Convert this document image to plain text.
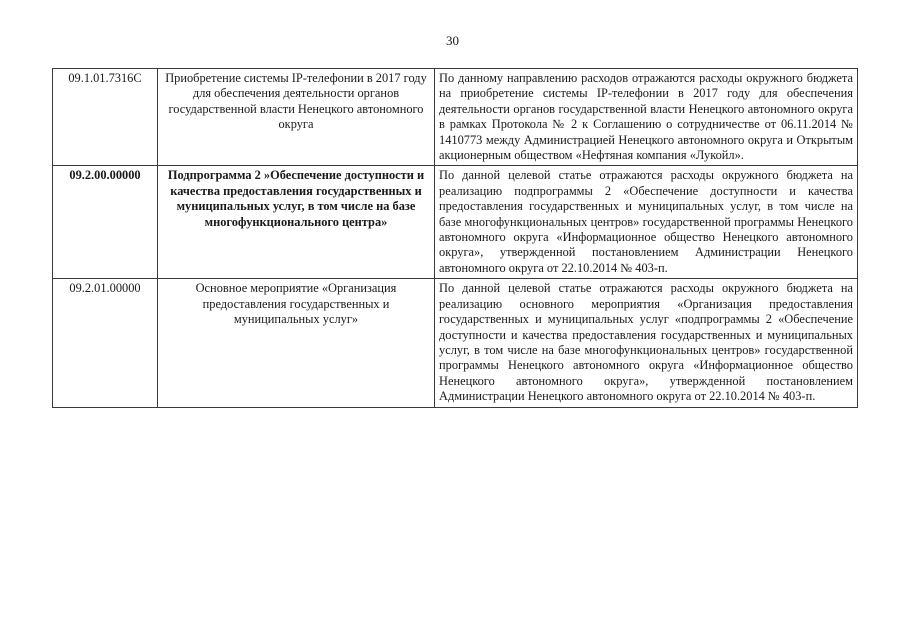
30
09.1.01.7316С	Приобретение системы IP-телефонии в 2017 году для обеспечения деятельности органов государственной власти Ненецкого автономного округа	По данному направлению расходов отражаются расходы окружного бюджета на приобретение системы IP-телефонии в 2017 году для обеспечения деятельности органов государственной власти Ненецкого автономного округа в рамках Протокола № 2 к Соглашению о сотрудничестве от 06.11.2014 № 1410773 между Администрацией Ненецкого автономного округа и Открытым акционерным обществом «Нефтяная компания «Лукойл».
09.2.00.00000	Подпрограмма 2 »Обеспечение доступности и качества предоставления государственных и муниципальных услуг, в том числе на базе многофункционального центра»	По данной целевой статье отражаются расходы окружного бюджета на реализацию подпрограммы 2 «Обеспечение доступности и качества предоставления государственных и муниципальных услуг, в том числе на базе многофункциональных центров» государственной программы Ненецкого автономного округа «Информационное общество Ненецкого автономного округа», утвержденной постановлением Администрации Ненецкого автономного округа от 22.10.2014 № 403-п.
09.2.01.00000	Основное мероприятие «Организация предоставления государственных и муниципальных услуг»	По данной целевой статье отражаются расходы окружного бюджета на реализацию основного мероприятия «Организация предоставления государственных и муниципальных услуг «подпрограммы 2 «Обеспечение доступности и качества предоставления государственных и муниципальных услуг, в том числе на базе многофункциональных центров» государственной программы Ненецкого автономного округа «Информационное общество Ненецкого автономного округа», утвержденной постановлением Администрации Ненецкого автономного округа от 22.10.2014 № 403-п.
